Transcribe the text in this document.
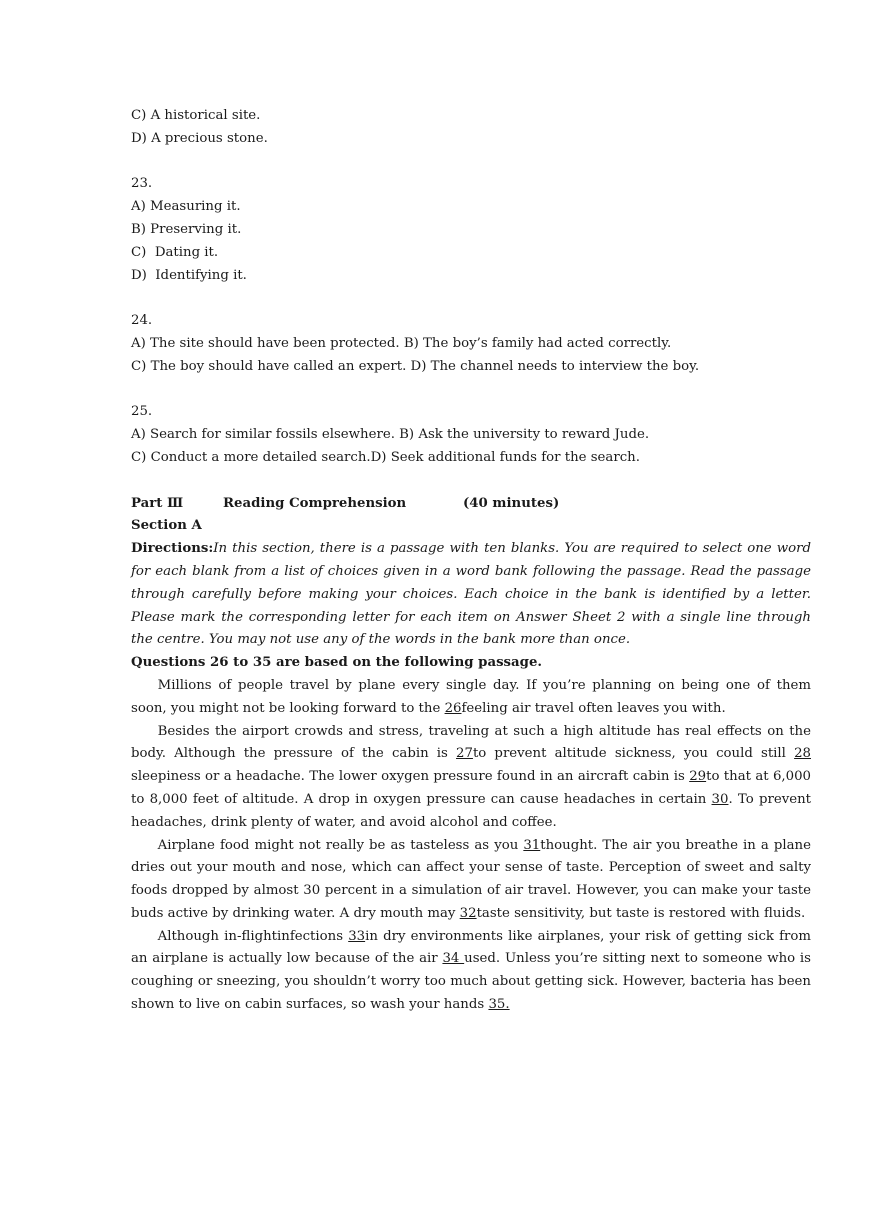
C) A historical site.
D) A precious stone.
23.
A) Measuring it.
B) Preserving it.
C)  Dating it.
D)  Identifying it.
24.
A) The site should have been protected. B) The boy’s family had acted correctly.
C) The boy should have called an expert. D) The channel needs to interview the boy.
25.
A) Search for similar fossils elsewhere. B) Ask the university to reward Jude.
C) Conduct a more detailed search.D) Seek additional funds for the search.
Part Ⅲ	Reading Comprehension	(40 minutes)
Section A

Directions:In this section, there is a passage with ten blanks. You are required to select one word for each blank from a list of choices given in a word bank following the passage. Read the passage through carefully before making your choices. Each choice in the bank is identified by a letter. Please mark the corresponding letter for each item on Answer Sheet 2 with a single line through the centre. You may not use any of the words in the bank more than once.

Questions 26 to 35 are based on the following passage.

Millions of people travel by plane every single day. If you’re planning on being one of them soon, you might not be looking forward to the 26feeling air travel often leaves you with.

Besides the airport crowds and stress, traveling at such a high altitude has real effects on the body. Although the pressure of the cabin is 27to prevent altitude sickness, you could still 28 sleepiness or a headache. The lower oxygen pressure found in an aircraft cabin is 29to that at 6,000 to 8,000 feet of altitude. A drop in oxygen pressure can cause headaches in certain 30. To prevent headaches, drink plenty of water, and avoid alcohol and coffee.

Airplane food might not really be as tasteless as you 31thought. The air you breathe in a plane dries out your mouth and nose, which can affect your sense of taste. Perception of sweet and salty foods dropped by almost 30 percent in a simulation of air travel. However, you can make your taste buds active by drinking water. A dry mouth may 32taste sensitivity, but taste is restored with fluids.

Although in-flightinfections 33in dry environments like airplanes, your risk of getting sick from an airplane is actually low because of the air 34 used. Unless you’re sitting next to someone who is coughing or sneezing, you shouldn’t worry too much about getting sick. However, bacteria has been shown to live on cabin surfaces, so wash your hands 35.
